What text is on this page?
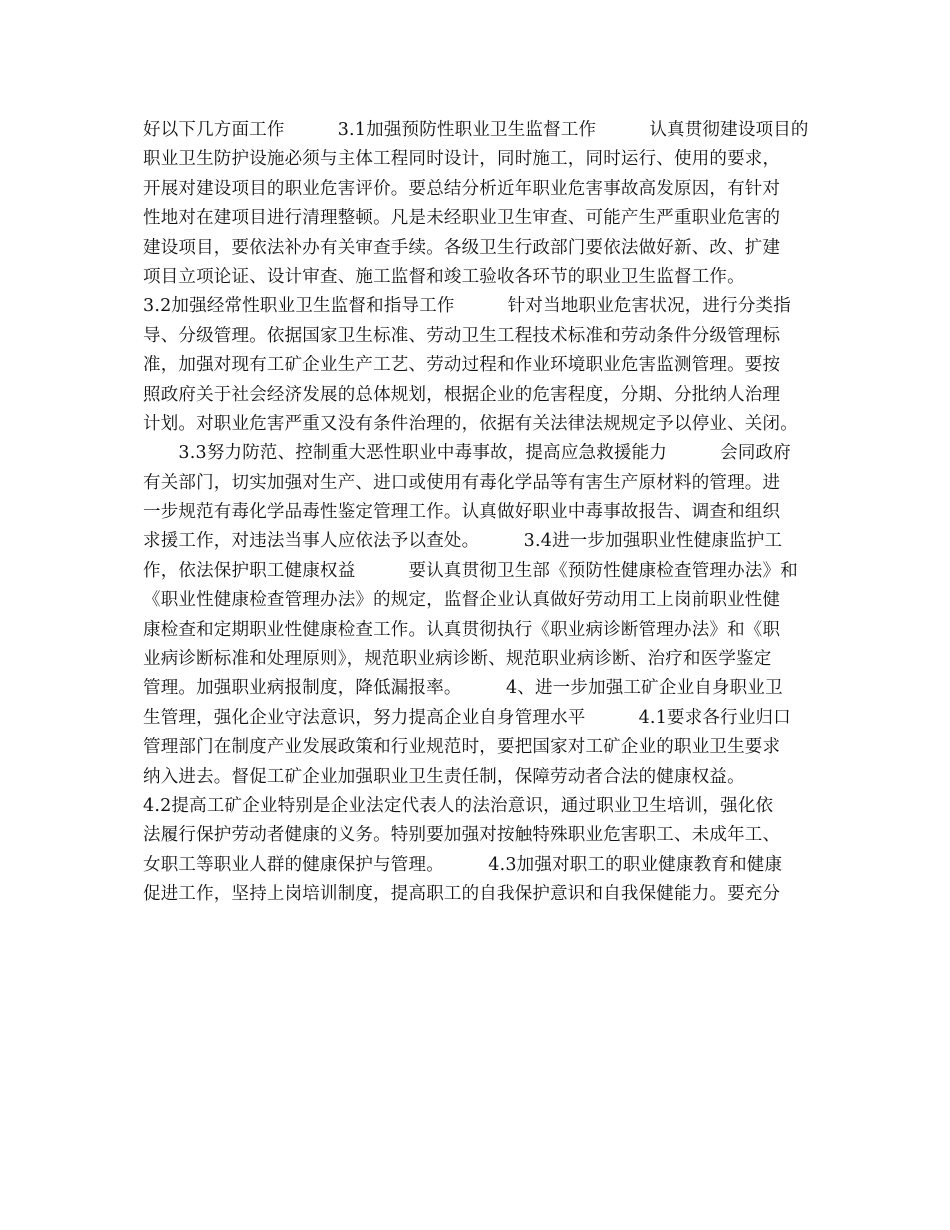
好以下几方面工作　　　3.1加强预防性职业卫生监督工作　　　认真贯彻建设项目的
职业卫生防护设施必须与主体工程同时设计，同时施工，同时运行、使用的要求，
开展对建设项目的职业危害评价。要总结分析近年职业危害事故高发原因，有针对
性地对在建项目进行清理整顿。凡是未经职业卫生审查、可能产生严重职业危害的
建设项目，要依法补办有关审查手续。各级卫生行政部门要依法做好新、改、扩建
项目立项论证、设计审查、施工监督和竣工验收各环节的职业卫生监督工作。
3.2加强经常性职业卫生监督和指导工作　　　针对当地职业危害状况，进行分类指
导、分级管理。依据国家卫生标准、劳动卫生工程技术标准和劳动条件分级管理标
准，加强对现有工矿企业生产工艺、劳动过程和作业环境职业危害监测管理。要按
照政府关于社会经济发展的总体规划，根据企业的危害程度，分期、分批纳人治理
计划。对职业危害严重又没有条件治理的，依据有关法律法规规定予以停业、关闭。
　　3.3努力防范、控制重大恶性职业中毒事故，提高应急救援能力　　　会同政府
有关部门，切实加强对生产、进口或使用有毒化学品等有害生产原材料的管理。进
一步规范有毒化学品毒性鉴定管理工作。认真做好职业中毒事故报告、调查和组织
求援工作，对违法当事人应依法予以查处。　　　3.4进一步加强职业性健康监护工
作，依法保护职工健康权益　　　要认真贯彻卫生部《预防性健康检查管理办法》和
《职业性健康检查管理办法》的规定，监督企业认真做好劳动用工上岗前职业性健
康检查和定期职业性健康检查工作。认真贯彻执行《职业病诊断管理办法》和《职
业病诊断标准和处理原则》，规范职业病诊断、规范职业病诊断、治疗和医学鉴定
管理。加强职业病报制度，降低漏报率。　　　4、进一步加强工矿企业自身职业卫
生管理，强化企业守法意识，努力提高企业自身管理水平　　　4.1要求各行业归口
管理部门在制度产业发展政策和行业规范时，要把国家对工矿企业的职业卫生要求
纳入进去。督促工矿企业加强职业卫生责任制，保障劳动者合法的健康权益。
4.2提高工矿企业特别是企业法定代表人的法治意识，通过职业卫生培训，强化依
法履行保护劳动者健康的义务。特别要加强对按触特殊职业危害职工、未成年工、
女职工等职业人群的健康保护与管理。　　　4.3加强对职工的职业健康教育和健康
促进工作，坚持上岗培训制度，提高职工的自我保护意识和自我保健能力。要充分
